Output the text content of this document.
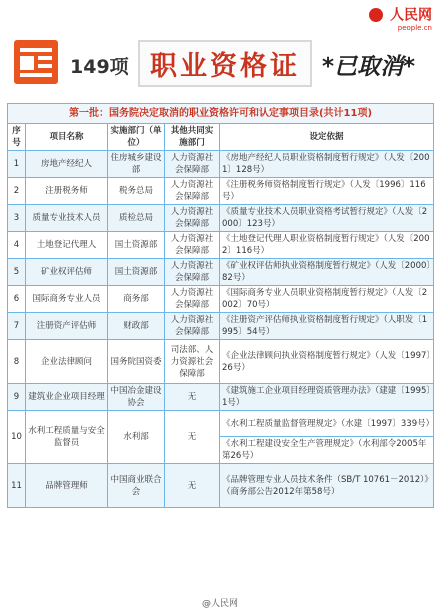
人民网
people.cn
149项 职业资格证 *已取消*
第一批：国务院决定取消的职业资格许可和认定事项目录(共计11项)				
序号	项目名称	实施部门（单位）	其他共同实施部门	设定依据
1	房地产经纪人	住房城乡建设部	人力资源社会保障部	《房地产经纪人员职业资格制度暂行规定》（人发〔2001〕128号）
2	注册税务师	税务总局	人力资源社会保障部	《注册税务师资格制度暂行规定》（人发〔1996〕116号）
3	质量专业技术人员	质检总局	人力资源社会保障部	《质量专业技术人员职业资格考试暂行规定》（人发〔2000〕123号）
4	土地登记代理人	国土资源部	人力资源社会保障部	《土地登记代理人职业资格制度暂行规定》（人发〔2002〕116号）
5	矿业权评估师	国土资源部	人力资源社会保障部	《矿业权评估师执业资格制度暂行规定》（人发〔2000〕82号）
6	国际商务专业人员	商务部	人力资源社会保障部	《国际商务专业人员职业资格制度暂行规定》（人发〔2002〕70号）
7	注册资产评估师	财政部	人力资源社会保障部	《注册资产评估师执业资格制度暂行规定》（人职发〔1995〕54号）
8	企业法律顾问	国务院国资委	司法部、人力资源社会保障部	《企业法律顾问执业资格制度暂行规定》（人发〔1997〕26号）
9	建筑业企业项目经理	中国冶金建设协会	无	《建筑施工企业项目经理资质管理办法》（建建〔1995〕1号）
10	水利工程质量与安全监督员	水利部	无	《水利工程质量监督管理规定》（水建〔1997〕339号）
				《水利工程建设安全生产管理规定》（水利部令2005年第26号）
11	品牌管理师	中国商业联合会	无	《品牌管理专业人员技术条件（SB/T 10761－2012）》（商务部公告2012年第58号）
@人民网
